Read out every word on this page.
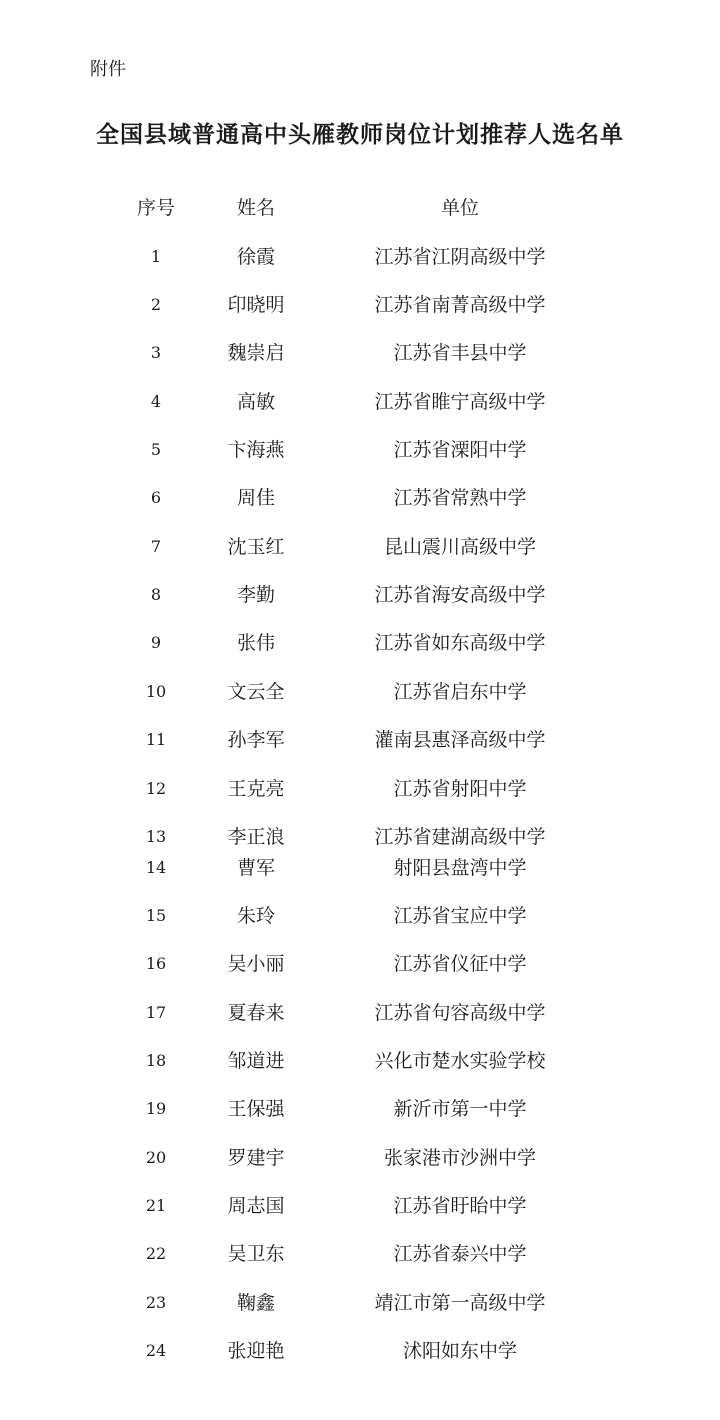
附件
全国县域普通高中头雁教师岗位计划推荐人选名单
序号	姓名	单位
1	徐霞	江苏省江阴高级中学
2	印晓明	江苏省南菁高级中学
3	魏崇启	江苏省丰县中学
4	高敏	江苏省睢宁高级中学
5	卞海燕	江苏省溧阳中学
6	周佳	江苏省常熟中学
7	沈玉红	昆山震川高级中学
8	李勤	江苏省海安高级中学
9	张伟	江苏省如东高级中学
10	文云全	江苏省启东中学
11	孙李军	灌南县惠泽高级中学
12	王克亮	江苏省射阳中学
13	李正浪	江苏省建湖高级中学
14	曹军	射阳县盘湾中学
15	朱玲	江苏省宝应中学
16	吴小丽	江苏省仪征中学
17	夏春来	江苏省句容高级中学
18	邹道进	兴化市楚水实验学校
19	王保强	新沂市第一中学
20	罗建宇	张家港市沙洲中学
21	周志国	江苏省盱眙中学
22	吴卫东	江苏省泰兴中学
23	鞠鑫	靖江市第一高级中学
24	张迎艳	沭阳如东中学
